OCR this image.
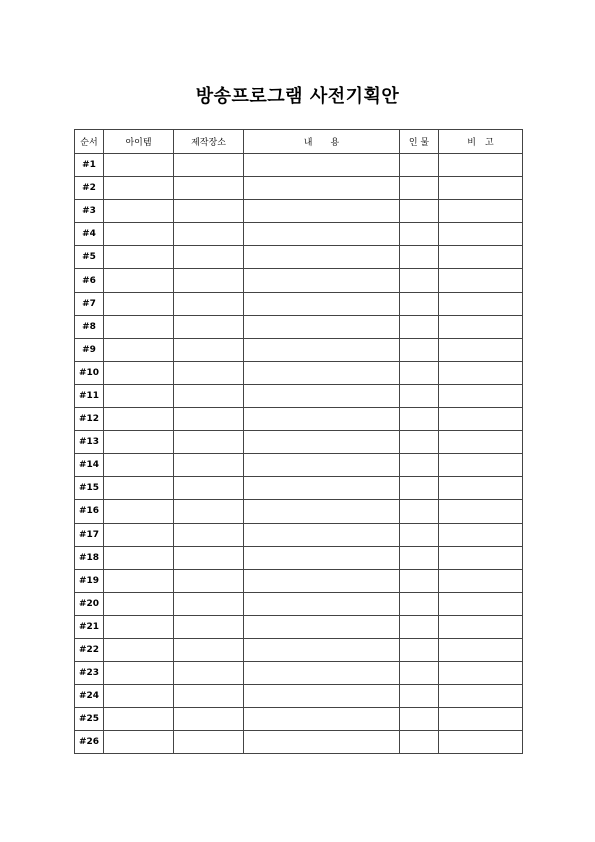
방송프로그램 사전기획안
순서	아이템	제작장소	내　　용	인 물	비　고
#1					
#2					
#3					
#4					
#5					
#6					
#7					
#8					
#9					
#10					
#11					
#12					
#13					
#14					
#15					
#16					
#17					
#18					
#19					
#20					
#21					
#22					
#23					
#24					
#25					
#26					
